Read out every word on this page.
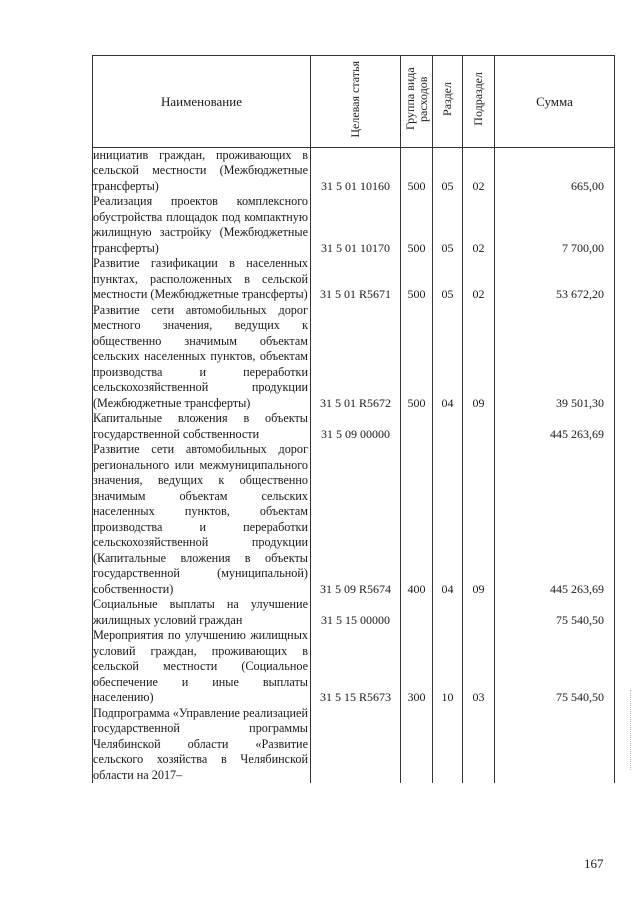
Наименование	Целевая статья	Группа вида расходов	Раздел	Подраздел	Сумма
инициатив граждан, проживающих в сельской местности (Межбюджетные трансферты)	31 5 01 10160	500	05	02	665,00
Реализация проектов комплексного обустройства площадок под компактную жилищную застройку (Межбюджетные трансферты)	31 5 01 10170	500	05	02	7 700,00
Развитие газификации в населенных пунктах, расположенных в сельской местности (Межбюджетные трансферты)	31 5 01 R5671	500	05	02	53 672,20
Развитие сети автомобильных дорог местного значения, ведущих к общественно значимым объектам сельских населенных пунктов, объектам производства и переработки сельскохозяйственной продукции (Межбюджетные трансферты)	31 5 01 R5672	500	04	09	39 501,30
Капитальные вложения в объекты государственной собственности	31 5 09 00000				445 263,69
Развитие сети автомобильных дорог регионального или межмуниципального значения, ведущих к общественно значимым объектам сельских населенных пунктов, объектам производства и переработки сельскохозяйственной продукции (Капитальные вложения в объекты государственной (муниципальной) собственности)	31 5 09 R5674	400	04	09	445 263,69
Социальные выплаты на улучшение жилищных условий граждан	31 5 15 00000				75 540,50
Мероприятия по улучшению жилищных условий граждан, проживающих в сельской местности (Социальное обеспечение и иные выплаты населению)	31 5 15 R5673	300	10	03	75 540,50
Подпрограмма «Управление реализацией государственной программы Челябинской области «Развитие сельского хозяйства в Челябинской области на 2017–					
167
